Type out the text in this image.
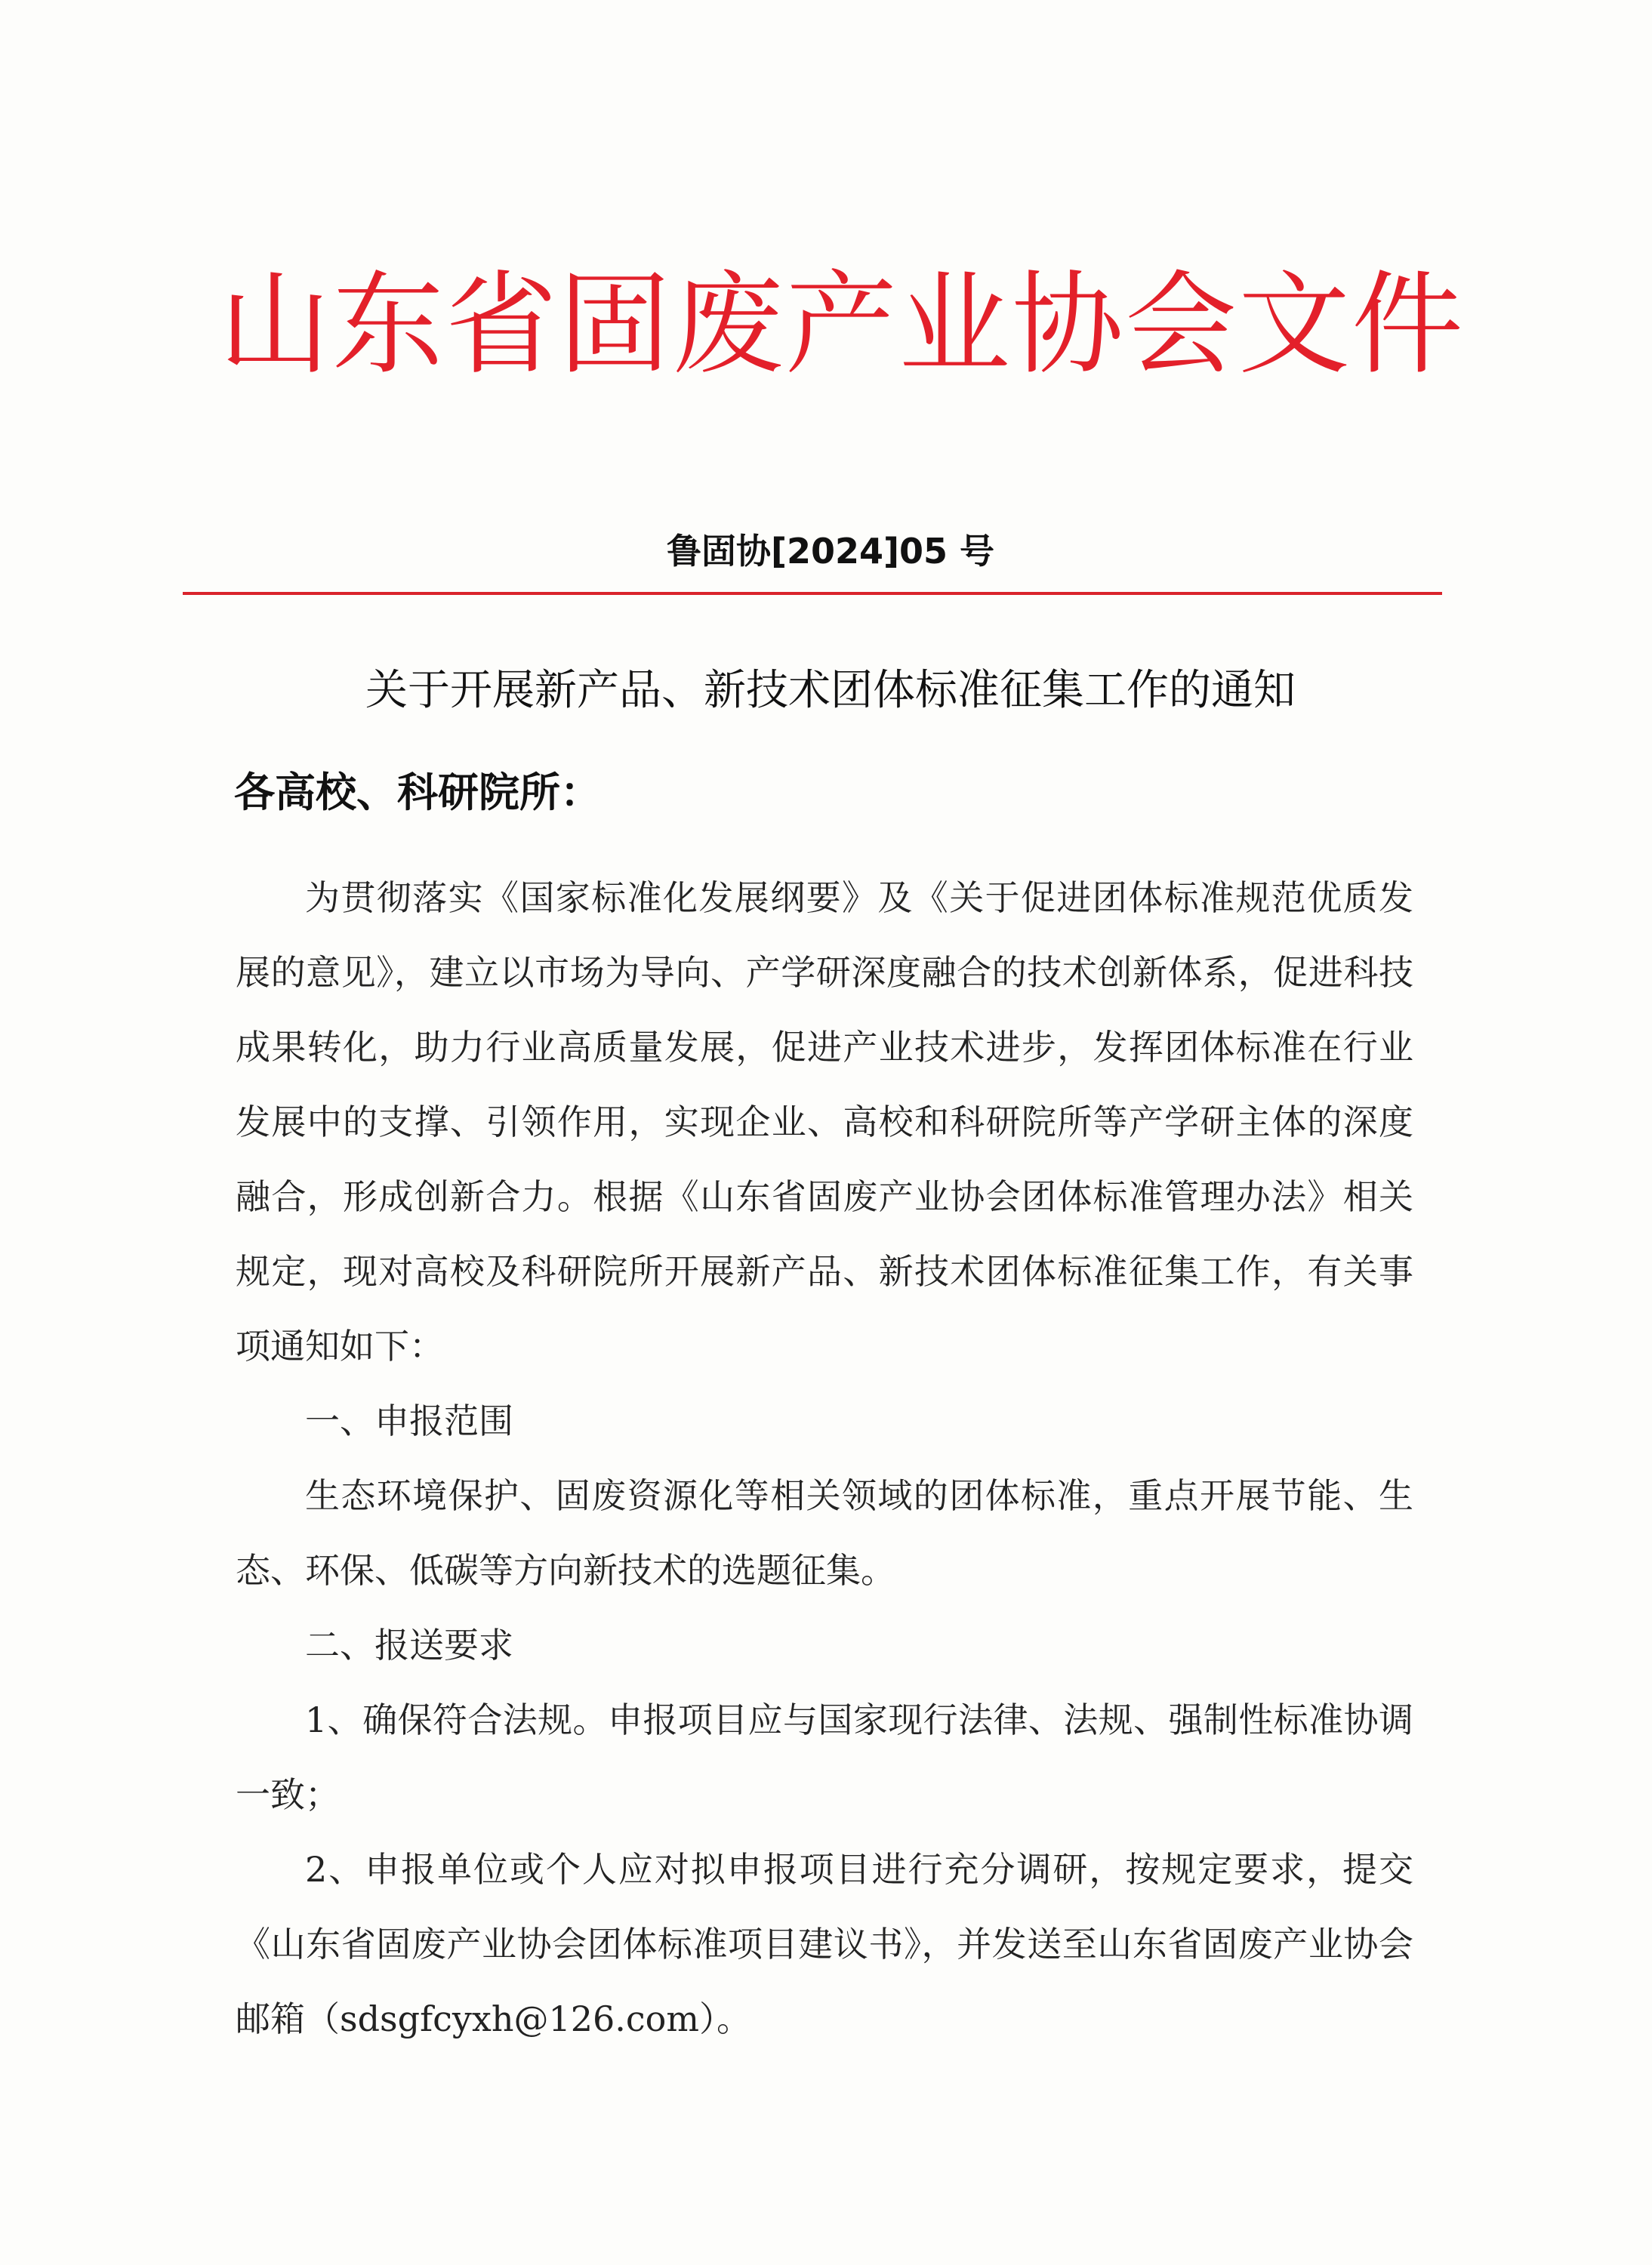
山东省固废产业协会文件
鲁固协[2024]05 号
关于开展新产品、新技术团体标准征集工作的通知
各高校、科研院所：

为贯彻落实《国家标准化发展纲要》及《关于促进团体标准规范优质发展的意见》，建立以市场为导向、产学研深度融合的技术创新体系，促进科技成果转化，助力行业高质量发展，促进产业技术进步，发挥团体标准在行业发展中的支撑、引领作用，实现企业、高校和科研院所等产学研主体的深度融合，形成创新合力。根据《山东省固废产业协会团体标准管理办法》相关规定，现对高校及科研院所开展新产品、新技术团体标准征集工作，有关事项通知如下：

一、申报范围

生态环境保护、固废资源化等相关领域的团体标准，重点开展节能、生态、环保、低碳等方向新技术的选题征集。

二、报送要求

1、确保符合法规。申报项目应与国家现行法律、法规、强制性标准协调一致；

2、申报单位或个人应对拟申报项目进行充分调研，按规定要求，提交《山东省固废产业协会团体标准项目建议书》，并发送至山东省固废产业协会邮箱（sdsgfcyxh@126.com）。
